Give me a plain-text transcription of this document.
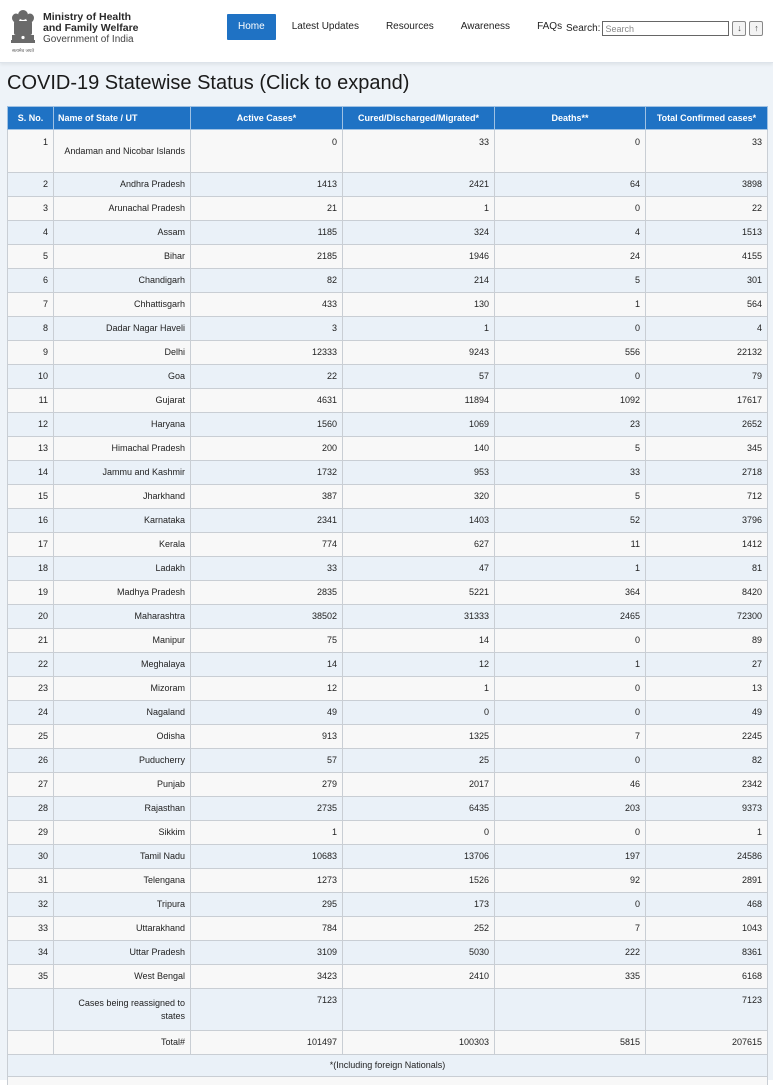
सत्यमेव जयते
Ministry of Health
and Family Welfare
Government of India
Home	Latest Updates	Resources	Awareness	FAQs Search:
Search	↓	↑
COVID-19 Statewise Status (Click to expand)
S. No.	Name of State / UT	Active Cases*	Cured/Discharged/Migrated*	Deaths**	Total Confirmed cases*
1	Andaman and Nicobar Islands	0	33	0	33
2	Andhra Pradesh	1413	2421	64	3898
3	Arunachal Pradesh	21	1	0	22
4	Assam	1185	324	4	1513
5	Bihar	2185	1946	24	4155
6	Chandigarh	82	214	5	301
7	Chhattisgarh	433	130	1	564
8	Dadar Nagar Haveli	3	1	0	4
9	Delhi	12333	9243	556	22132
10	Goa	22	57	0	79
11	Gujarat	4631	11894	1092	17617
12	Haryana	1560	1069	23	2652
13	Himachal Pradesh	200	140	5	345
14	Jammu and Kashmir	1732	953	33	2718
15	Jharkhand	387	320	5	712
16	Karnataka	2341	1403	52	3796
17	Kerala	774	627	11	1412
18	Ladakh	33	47	1	81
19	Madhya Pradesh	2835	5221	364	8420
20	Maharashtra	38502	31333	2465	72300
21	Manipur	75	14	0	89
22	Meghalaya	14	12	1	27
23	Mizoram	12	1	0	13
24	Nagaland	49	0	0	49
25	Odisha	913	1325	7	2245
26	Puducherry	57	25	0	82
27	Punjab	279	2017	46	2342
28	Rajasthan	2735	6435	203	9373
29	Sikkim	1	0	0	1
30	Tamil Nadu	10683	13706	197	24586
31	Telengana	1273	1526	92	2891
32	Tripura	295	173	0	468
33	Uttarakhand	784	252	7	1043
34	Uttar Pradesh	3109	5030	222	8361
35	West Bengal	3423	2410	335	6168
	Cases being reassigned to states	7123			7123
	Total#	101497	100303	5815	207615
*(Including foreign Nationals)					
